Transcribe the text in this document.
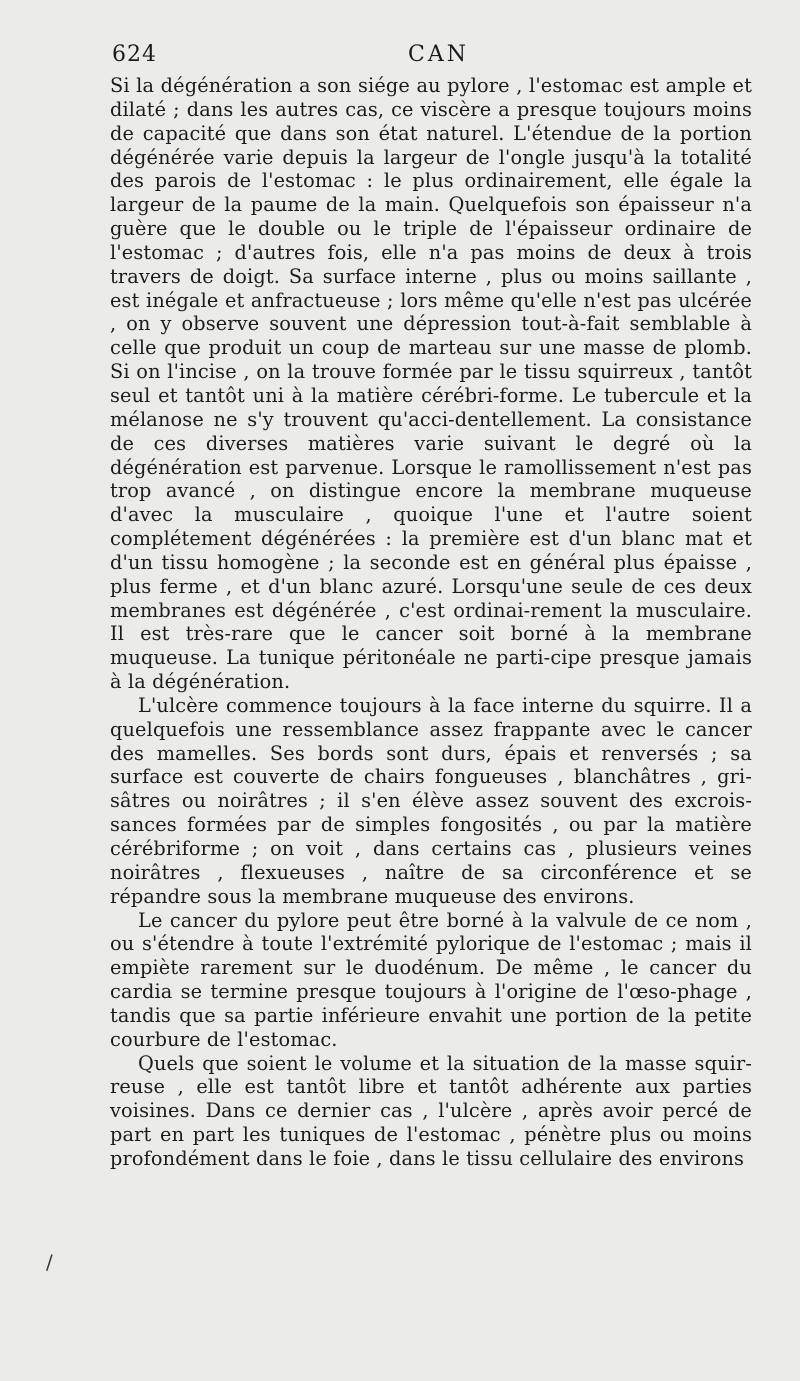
624	CAN

Si la dégénération a son siége au pylore , l'estomac est ample et dilaté ; dans les autres cas, ce viscère a presque toujours moins de capacité que dans son état naturel. L'étendue de la portion dégénérée varie depuis la largeur de l'ongle jusqu'à la totalité des parois de l'estomac : le plus ordinairement, elle égale la largeur de la paume de la main. Quelquefois son épaisseur n'a guère que le double ou le triple de l'épaisseur ordinaire de l'estomac ; d'autres fois, elle n'a pas moins de deux à trois travers de doigt. Sa surface interne , plus ou moins saillante , est inégale et anfractueuse ; lors même qu'elle n'est pas ulcérée , on y observe souvent une dépression tout-à-fait semblable à celle que produit un coup de marteau sur une masse de plomb. Si on l'incise , on la trouve formée par le tissu squirreux , tantôt seul et tantôt uni à la matière cérébri-forme. Le tubercule et la mélanose ne s'y trouvent qu'acci-dentellement. La consistance de ces diverses matières varie suivant le degré où la dégénération est parvenue. Lorsque le ramollissement n'est pas trop avancé , on distingue encore la membrane muqueuse d'avec la musculaire , quoique l'une et l'autre soient complétement dégénérées : la première est d'un blanc mat et d'un tissu homogène ; la seconde est en général plus épaisse , plus ferme , et d'un blanc azuré. Lorsqu'une seule de ces deux membranes est dégénérée , c'est ordinai-rement la musculaire. Il est très-rare que le cancer soit borné à la membrane muqueuse. La tunique péritonéale ne parti-cipe presque jamais à la dégénération.

L'ulcère commence toujours à la face interne du squirre. Il a quelquefois une ressemblance assez frappante avec le cancer des mamelles. Ses bords sont durs, épais et renversés ; sa surface est couverte de chairs fongueuses , blanchâtres , gri-sâtres ou noirâtres ; il s'en élève assez souvent des excrois-sances formées par de simples fongosités , ou par la matière cérébriforme ; on voit , dans certains cas , plusieurs veines noirâtres , flexueuses , naître de sa circonférence et se répandre sous la membrane muqueuse des environs.

Le cancer du pylore peut être borné à la valvule de ce nom , ou s'étendre à toute l'extrémité pylorique de l'estomac ; mais il empiète rarement sur le duodénum. De même , le cancer du cardia se termine presque toujours à l'origine de l'œso-phage , tandis que sa partie inférieure envahit une portion de la petite courbure de l'estomac.

Quels que soient le volume et la situation de la masse squir-reuse , elle est tantôt libre et tantôt adhérente aux parties voisines. Dans ce dernier cas , l'ulcère , après avoir percé de part en part les tuniques de l'estomac , pénètre plus ou moins profondément dans le foie , dans le tissu cellulaire des environs

/
